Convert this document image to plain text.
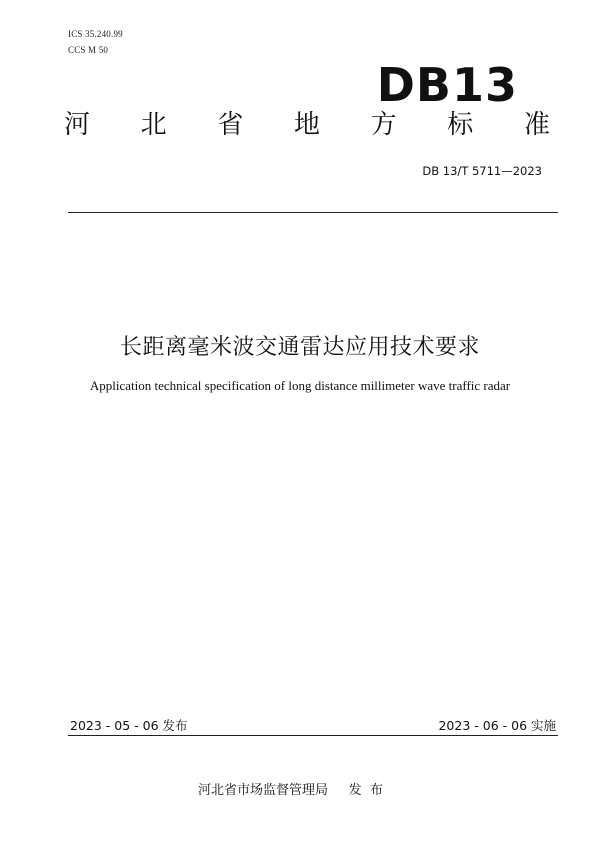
ICS 35.240.99
CCS M 50
DB13
河 北 省 地 方 标 准
DB 13/T 5711—2023
长距离毫米波交通雷达应用技术要求
Application technical specification of long distance millimeter wave traffic radar
2023 - 05 - 06 发布	2023 - 06 - 06 实施
河北省市场监督管理局     发  布
